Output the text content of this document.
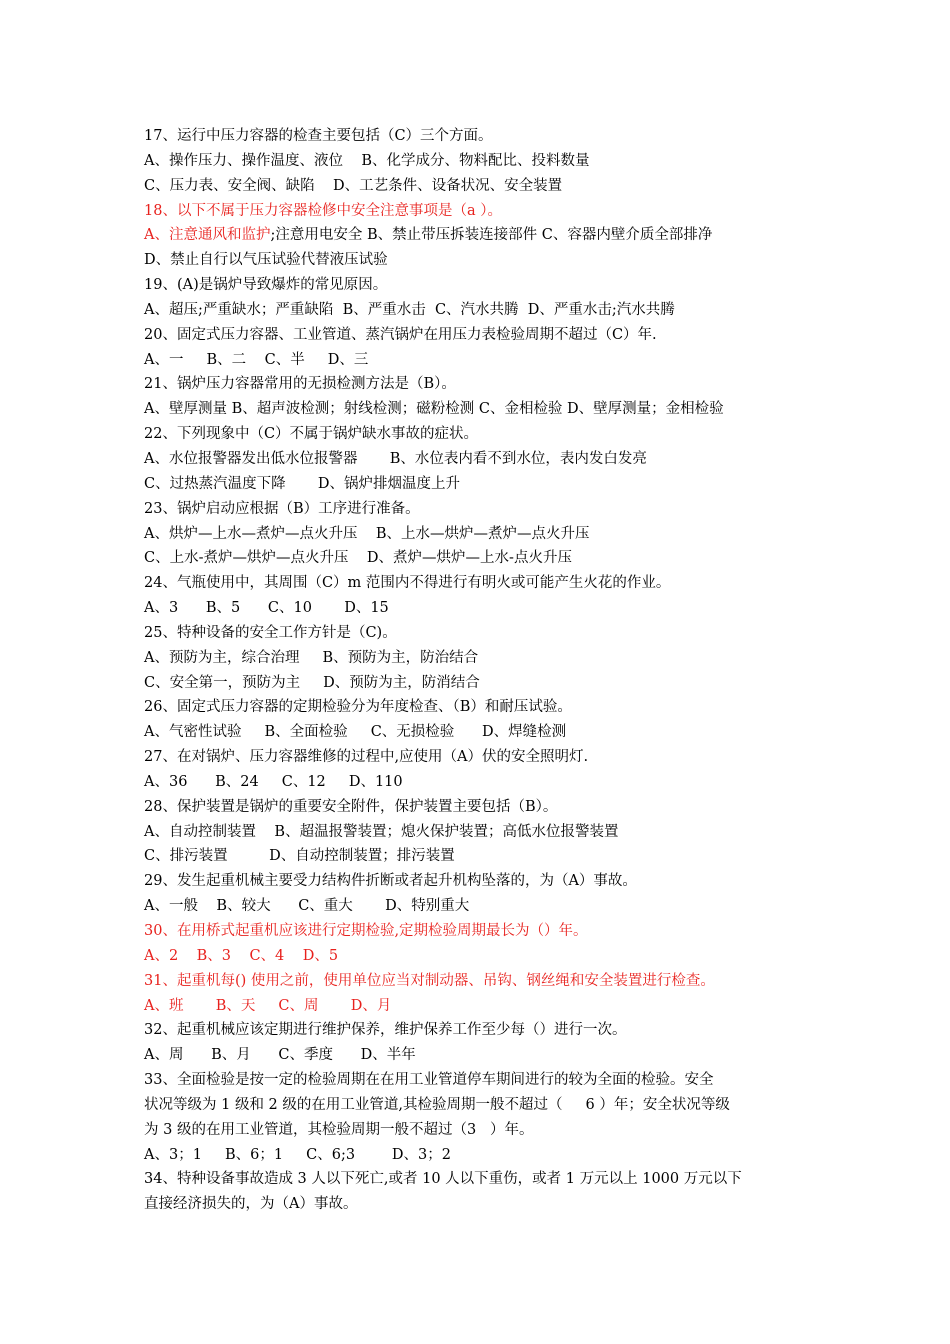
17、运行中压力容器的检查主要包括（C）三个方面。
A、操作压力、操作温度、液位    B、化学成分、物料配比、投料数量
C、压力表、安全阀、缺陷    D、工艺条件、设备状况、安全装置
18、以下不属于压力容器检修中安全注意事项是（a ）。
A、注意通风和监护;注意用电安全 B、禁止带压拆装连接部件 C、容器内壁介质全部排净
D、禁止自行以气压试验代替液压试验
19、(A)是锅炉导致爆炸的常见原因。
A、超压;严重缺水；严重缺陷  B、严重水击  C、汽水共腾  D、严重水击;汽水共腾
20、固定式压力容器、工业管道、蒸汽锅炉在用压力表检验周期不超过（C）年.
A、一     B、二    C、半     D、三
21、锅炉压力容器常用的无损检测方法是（B）。
A、壁厚测量 B、超声波检测；射线检测；磁粉检测 C、金相检验 D、壁厚测量；金相检验
22、下列现象中（C）不属于锅炉缺水事故的症状。
A、水位报警器发出低水位报警器       B、水位表内看不到水位，表内发白发亮
C、过热蒸汽温度下降       D、锅炉排烟温度上升
23、锅炉启动应根据（B）工序进行准备。
A、烘炉—上水—煮炉—点火升压    B、上水—烘炉—煮炉—点火升压
C、上水-煮炉—烘炉—点火升压    D、煮炉—烘炉—上水-点火升压
24、气瓶使用中，其周围（C）m 范围内不得进行有明火或可能产生火花的作业。
A、3      B、5      C、10       D、15
25、特种设备的安全工作方针是（C)。
A、预防为主，综合治理     B、预防为主，防治结合
C、安全第一，预防为主     D、预防为主，防消结合
26、固定式压力容器的定期检验分为年度检查、（B）和耐压试验。
A、气密性试验     B、全面检验     C、无损检验      D、焊缝检测
27、在对锅炉、压力容器维修的过程中,应使用（A）伏的安全照明灯.
A、36      B、24     C、12     D、110
28、保护装置是锅炉的重要安全附件，保护装置主要包括（B）。
A、自动控制装置    B、超温报警装置；熄火保护装置；高低水位报警装置
C、排污装置         D、自动控制装置；排污装置
29、发生起重机械主要受力结构件折断或者起升机构坠落的，为（A）事故。
A、一般    B、较大      C、重大       D、特别重大
30、在用桥式起重机应该进行定期检验,定期检验周期最长为（）年。
A、2    B、3    C、4    D、5
31、起重机每() 使用之前，使用单位应当对制动器、吊钩、钢丝绳和安全装置进行检查。
A、班       B、天     C、周       D、月
32、起重机械应该定期进行维护保养，维护保养工作至少每（）进行一次。
A、周      B、月      C、季度      D、半年
33、全面检验是按一定的检验周期在在用工业管道停车期间进行的较为全面的检验。安全
状况等级为 1 级和 2 级的在用工业管道,其检验周期一般不超过（     6 ）年；安全状况等级
为 3 级的在用工业管道，其检验周期一般不超过（3   ）年。
A、3；1     B、6；1     C、6;3        D、3；2
34、特种设备事故造成 3 人以下死亡,或者 10 人以下重伤，或者 1 万元以上 1000 万元以下
直接经济损失的，为（A）事故。
